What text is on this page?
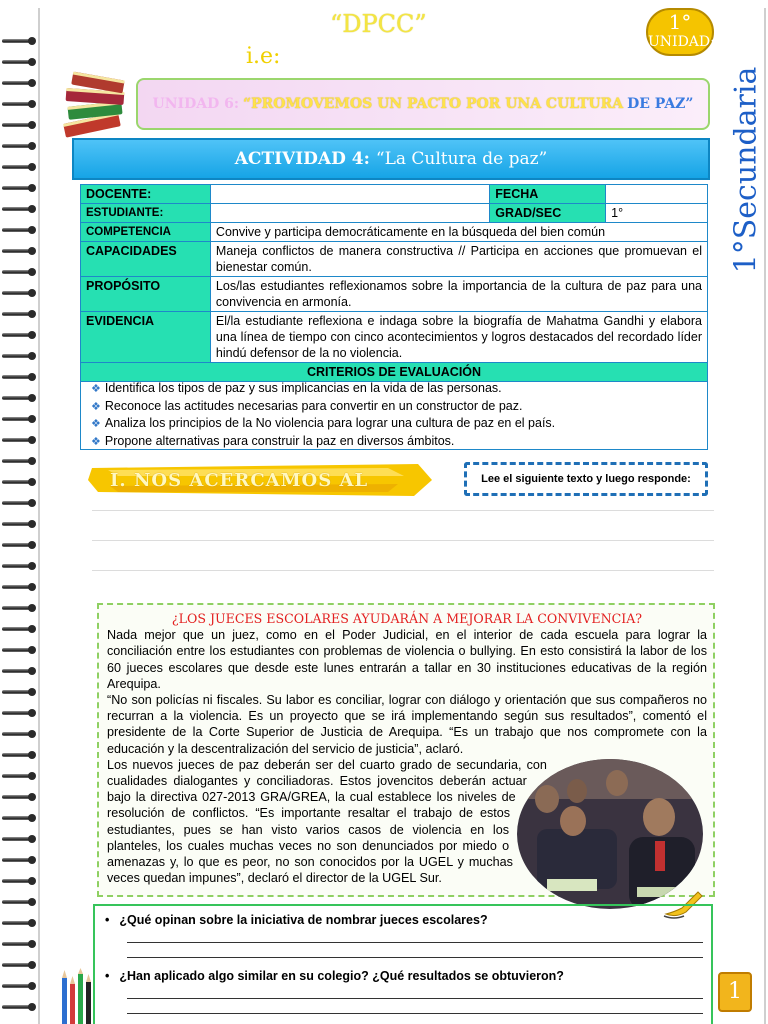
“DPCC”
i.e:
1°
UNIDAD:
1°Secundaria
UNIDAD 6: “PROMOVEMOS UN PACTO POR UNA CULTURA DE PAZ”
ACTIVIDAD 4: “La Cultura de paz”
DOCENTE:		FECHA	
ESTUDIANTE:		GRAD/SEC	1°
COMPETENCIA	Convive y participa democráticamente en la búsqueda del bien común		
CAPACIDADES	Maneja conflictos de manera constructiva // Participa en acciones que promuevan el bienestar común.		
PROPÓSITO	Los/las estudiantes reflexionamos sobre la importancia de la cultura de paz para una convivencia en armonía.		
EVIDENCIA	El/la estudiante reflexiona e indaga sobre la biografía de Mahatma Gandhi y elabora una línea de tiempo con cinco acontecimientos y logros destacados del recordado líder hindú defensor de la no violencia.		
CRITERIOS DE EVALUACIÓN			
❖ Identifica los tipos de paz y sus implicancias en la vida de las personas.
❖ Reconoce las actitudes necesarias para convertir en un constructor de paz.
❖ Analiza los principios de la No violencia para lograr una cultura de paz en el país.
❖ Propone alternativas para construir la paz en diversos ámbitos.
I. NOS ACERCAMOS AL	Lee el siguiente texto y luego responde:
¿LOS JUECES ESCOLARES AYUDARÁN A MEJORAR LA CONVIVENCIA?

Nada mejor que un juez, como en el Poder Judicial, en el interior de cada escuela para lograr la conciliación entre los estudiantes con problemas de violencia o bullying. En esto consistirá la labor de los 60 jueces escolares que desde este lunes entrarán a tallar en 30 instituciones educativas de la región Arequipa.

“No son policías ni fiscales. Su labor es conciliar, lograr con diálogo y orientación que sus compañeros no recurran a la violencia. Es un proyecto que se irá implementando según sus resultados”, comentó el presidente de la Corte Superior de Justicia de Arequipa. “Es un trabajo que nos compromete con la educación y la descentralización del servicio de justicia”, aclaró.

Los nuevos jueces de paz deberán ser del cuarto grado de secundaria, con cualidades dialogantes y conciliadoras. Estos jovencitos deberán actuar bajo la directiva 027-2013 GRA/GREA, la cual establece los niveles de resolución de conflictos. “Es importante resaltar el trabajo de estos estudiantes, pues se han visto varios casos de violencia en los planteles, los cuales muchas veces no son denunciados por miedo o amenazas y, lo que es peor, no son conocidos por la UGEL y muchas veces quedan impunes”, declaró el director de la UGEL Sur.

• ¿Qué opinan sobre la iniciativa de nombrar jueces escolares?
• ¿Han aplicado algo similar en su colegio? ¿Qué resultados se obtuvieron?
1
